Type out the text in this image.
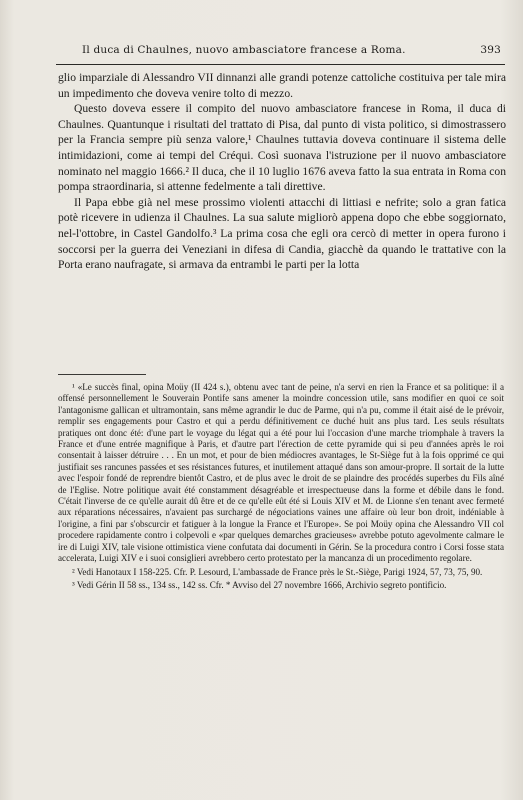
Il duca di Chaulnes, nuovo ambasciatore francese a Roma.	393

glio imparziale di Alessandro VII dinnanzi alle grandi potenze cattoliche costituiva per tale mira un impedimento che doveva venire tolto di mezzo.

Questo doveva essere il compito del nuovo ambasciatore francese in Roma, il duca di Chaulnes. Quantunque i risultati del trattato di Pisa, dal punto di vista politico, si dimostrassero per la Francia sempre più senza valore,¹ Chaulnes tuttavia doveva continuare il sistema delle intimidazioni, come ai tempi del Créqui. Così suonava l'istruzione per il nuovo ambasciatore nominato nel maggio 1666.² Il duca, che il 10 luglio 1676 aveva fatto la sua entrata in Roma con pompa straordinaria, si attenne fedelmente a tali direttive.

Il Papa ebbe già nel mese prossimo violenti attacchi di littiasi e nefrite; solo a gran fatica potè ricevere in udienza il Chaulnes. La sua salute migliorò appena dopo che ebbe soggiornato, nel-l'ottobre, in Castel Gandolfo.³ La prima cosa che egli ora cercò di metter in opera furono i soccorsi per la guerra dei Veneziani in difesa di Candia, giacchè da quando le trattative con la Porta erano naufragate, si armava da entrambi le parti per la lotta

¹ «Le succès final, opina Moüy (II 424 s.), obtenu avec tant de peine, n'a servi en rien la France et sa politique: il a offensé personnellement le Souverain Pontife sans amener la moindre concession utile, sans modifier en quoi ce soit l'antagonisme gallican et ultramontain, sans même agrandir le duc de Parme, qui n'a pu, comme il était aisé de le prévoir, remplir ses engagements pour Castro et qui a perdu définitivement ce duché huit ans plus tard. Les seuls résultats pratiques ont donc été: d'une part le voyage du légat qui a été pour lui l'occasion d'une marche triomphale à travers la France et d'une entrée magnifique à Paris, et d'autre part l'érection de cette pyramide qui si peu d'années après le roi consentait à laisser détruire . . . En un mot, et pour de bien médiocres avantages, le St-Siège fut à la fois opprimé ce qui justifiait ses rancunes passées et ses résistances futures, et inutilement attaqué dans son amour-propre. Il sortait de la lutte avec l'espoir fondé de reprendre bientôt Castro, et de plus avec le droit de se plaindre des procédés superbes du Fils aîné de l'Eglise. Notre politique avait été constamment désagréable et irrespectueuse dans la forme et débile dans le fond. C'était l'inverse de ce qu'elle aurait dû être et de ce qu'elle eût été si Louis XIV et M. de Lionne s'en tenant avec fermeté aux réparations nécessaires, n'avaient pas surchargé de négociations vaines une affaire où leur bon droit, indéniable à l'origine, a fini par s'obscurcir et fatiguer à la longue la France et l'Europe». Se poi Moüy opina che Alessandro VII col procedere rapidamente contro i colpevoli e «par quelques demarches gracieuses» avrebbe potuto agevolmente calmare le ire di Luigi XIV, tale visione ottimistica viene confutata dai documenti in Gérin. Se la procedura contro i Corsi fosse stata accelerata, Luigi XIV e i suoi consiglieri avrebbero certo protestato per la mancanza di un procedimento regolare.

² Vedi Hanotaux I 158-225. Cfr. P. Lesourd, L'ambassade de France près le St.-Siège, Parigi 1924, 57, 73, 75, 90.

³ Vedi Gérin II 58 ss., 134 ss., 142 ss. Cfr. * Avviso del 27 novembre 1666, Archivio segreto pontificio.
